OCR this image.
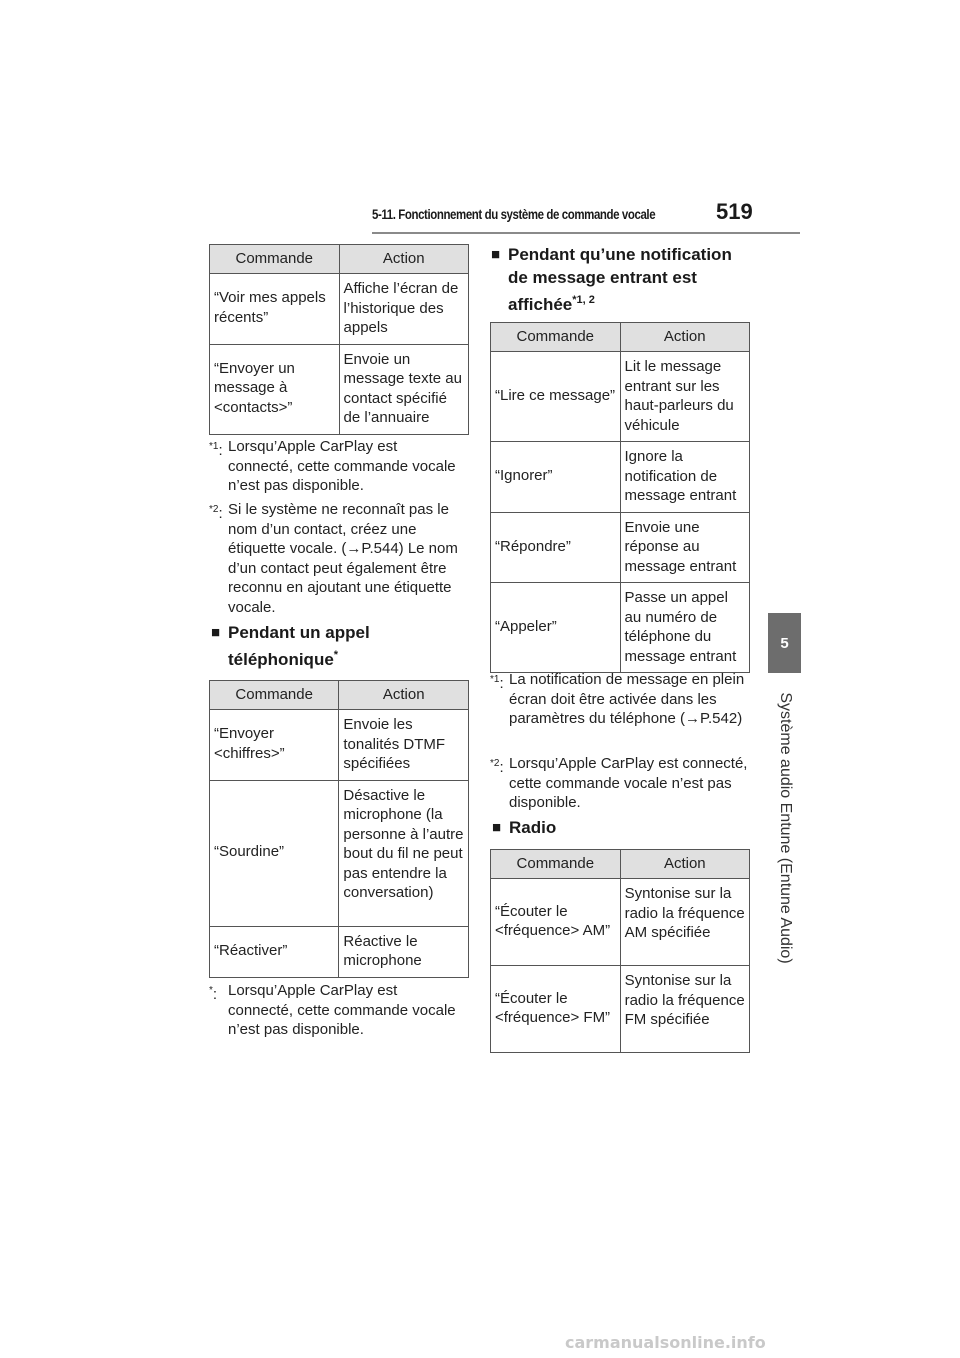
5-11. Fonctionnement du système de commande vocale	519
5
Système audio Entune (Entune Audio)
Commande	Action
“Voir mes appels récents”	Affiche l’écran de l’historique des appels
“Envoyer un message à <contacts>”	Envoie un message texte au contact spécifié de l’annuaire
$^{*1}$: Lorsqu’Apple CarPlay est connecté, cette commande vocale n’est pas disponible.
$^{*2}$: Si le système ne reconnaît pas le nom d’un contact, créez une étiquette vocale. (→P.544) Le nom d’un contact peut également être reconnu en ajoutant une étiquette vocale.
■ Pendant un appel téléphonique*
Commande	Action
“Envoyer <chiffres>”	Envoie les tonalités DTMF spécifiées
“Sourdine”	Désactive le microphone (la personne à l’autre bout du fil ne peut pas entendre la conversation)
“Réactiver”	Réactive le microphone
*: Lorsqu’Apple CarPlay est connecté, cette commande vocale n’est pas disponible.
■ Pendant qu’une notification de message entrant est affichée$^{*1, 2}$
Commande	Action
“Lire ce message”	Lit le message entrant sur les haut-parleurs du véhicule
“Ignorer”	Ignore la notification de message entrant
“Répondre”	Envoie une réponse au message entrant
“Appeler”	Passe un appel au numéro de téléphone du message entrant
$^{*1}$: La notification de message en plein écran doit être activée dans les paramètres du téléphone (→P.542)
$^{*2}$: Lorsqu’Apple CarPlay est connecté, cette commande vocale n’est pas disponible.
■ Radio
Commande	Action
“Écouter le <fréquence> AM”	Syntonise sur la radio la fréquence AM spécifiée
“Écouter le <fréquence> FM”	Syntonise sur la radio la fréquence FM spécifiée
carmanualsonline.info
